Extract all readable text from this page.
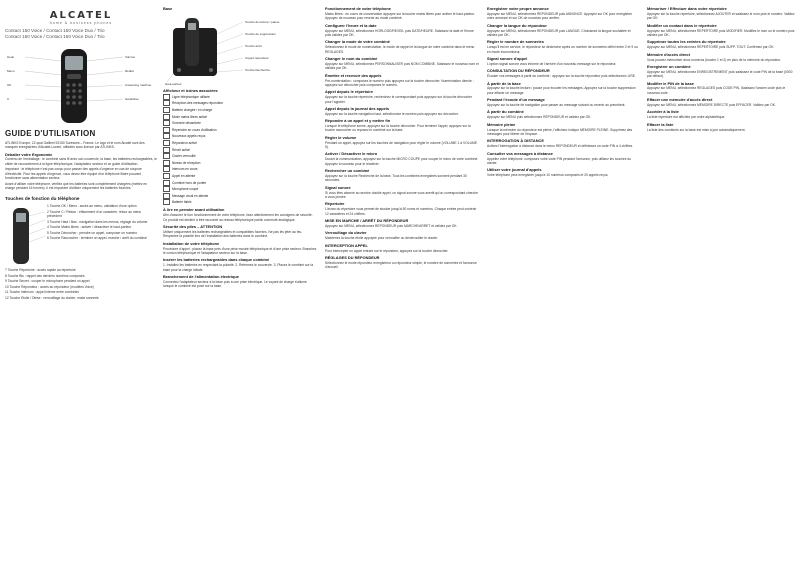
ALCATEL
home & business phones
Contact 150 Voice / Contact 150 Voice Duo / Trio
Contact 150 Voice / Contact 150 Voice Duo / Trio
Hook
Menu
OK
C
Volume
Redial
Answering machine
Handsfree
GUIDE D'UTILISATION

ATLINKS Europe, 22 quai Gallieni 92150 Suresnes – France. Le logo et le nom Alcatel sont des marques enregistrées d'Alcatel-Lucent, utilisées sous licence par ATLINKS.

Déballer votre Ergonomic

Contenu de l'emballage : le combiné sans fil avec son couvercle, la base, les batteries rechargeables, le câble de raccordement à la ligne téléphonique, l'adaptateur secteur et ce guide d'utilisation.

Important : le téléphone n'est pas conçu pour passer des appels d'urgence en cas de coupure d'électricité. Pour les appels d'urgence, vous devez être équipé d'un téléphone filaire pouvant fonctionner sans alimentation secteur.

Avant d'utiliser votre téléphone, vérifiez que les batteries sont complètement chargées (mettez en charge pendant 16 heures). Il est important d'utiliser uniquement les batteries fournies.

Touches de fonction du téléphone

1 Touche OK / Menu : accès au menu, validation d'une option

2 Touche C / Retour : effacement d'un caractère, retour au menu précédent

3 Touche Haut / Bas : navigation dans les menus, réglage du volume

4 Touche Mains libres : activer / désactiver le haut-parleur

5 Touche Décrocher : prendre un appel, composer un numéro

6 Touche Raccrocher : terminer un appel, marche / arrêt du combiné

7 Touche Répertoire : accès rapide au répertoire

8 Touche Bis : rappel des derniers numéros composés

9 Touche Secret : couper le microphone pendant un appel

10 Touche Répondeur : accès au répondeur (modèles Voice)

11 Touche Intercom : appel interne entre combinés

12 Touche Etoile / Dièse : verrouillage du clavier, mode sonnerie

Base
Touche de lecture / pause
Touche de suppression
Touche arrêt
Voyant répondeur
Touche Recherche
Haut-parleur
Afficheur et icônes associées
Ligne téléphonique utilisée
Réception des messages répondeur
Batterie chargée / en charge
Mode mains libres activé
Sonnerie désactivée
Répertoire en cours d'utilisation
Nouveaux appels reçus
Répondeur activé
Réveil activé
Clavier verrouillé
Niveau de réception
Intercom en cours
Appel en attente
Combiné hors de portée
Microphone coupé
Message vocal en attente
Batterie faible
À lire en premier avant utilisation

Afin d'assurer le bon fonctionnement de votre téléphone, lisez attentivement les consignes de sécurité. Ce produit est destiné à être raccordé au réseau téléphonique public commuté analogique.

Sécurité des piles – ATTENTION

Utiliser uniquement les batteries rechargeables et compatibles fournies. Ne pas les jeter au feu. Respectez la polarité lors de l'installation des batteries dans le combiné.

Installation de votre téléphone

Procédure d'appel : placez la base près d'une prise murale téléphonique et d'une prise secteur. Branchez le cordon téléphonique et l'adaptateur secteur sur la base.

Insérer les batteries rechargeables dans chaque combiné

1. Installez les batteries en respectant la polarité. 2. Refermez le couvercle. 3. Placez le combiné sur la base pour la charge initiale.

Branchement de l'alimentation électrique

Connectez l'adaptateur secteur à la base puis à une prise électrique. Le voyant de charge s'allume lorsque le combiné est posé sur la base.

Fonctionnement de votre téléphone

Mains libres : en cours de conversation appuyez sur la touche mains libres pour activer le haut-parleur. Appuyez de nouveau pour revenir au mode combiné.

Configurer l'heure et la date

Appuyez sur MENU, sélectionnez HORLOGE/REVEIL puis DATE/HEURE. Saisissez la date et l'heure puis validez par OK.

Changer la mode de votre combiné

Sélectionnez le mode de numérotation, le mode de rappel et la langue de votre combiné dans le menu REGLAGES.

Changer le nom du combiné

Appuyez sur MENU, sélectionnez PERSONNALISER puis NOM COMBINE. Saisissez le nouveau nom et validez par OK.

Émettre et recevoir des appels

Pré-numérotation : composez le numéro puis appuyez sur la touche décrocher. Numérotation directe : appuyez sur décrocher puis composez le numéro.

Appel depuis le répertoire

Appuyez sur la touche répertoire, recherchez le correspondant puis appuyez sur la touche décrocher pour l'appeler.

Appel depuis la journal des appels

Appuyez sur la touche navigation haut, sélectionnez le numéro puis appuyez sur décrocher.

Répondre à un appel et y mettre fin

Lorsque le téléphone sonne, appuyez sur la touche décrocher. Pour terminer l'appel, appuyez sur la touche raccrocher ou reposez le combiné sur la base.

Régler le volume

Pendant un appel, appuyez sur les touches de navigation pour régler le volume (VOLUME 1 à VOLUME 5).

Activer / Désactiver le micro

Durant la communication, appuyez sur la touche MICRO COUPE pour couper le micro de votre combiné. Appuyez à nouveau pour le réactiver.

Rechercher un combiné

Appuyez sur la touche Recherche de la base. Tous les combinés enregistrés sonnent pendant 30 secondes.

Signal sonore

Si vous êtes abonné au service double appel, un signal sonore vous avertit qu'un correspondant cherche à vous joindre.

Répertoire

L'écran du répertoire vous permet de stocker jusqu'à 50 noms et numéros. Chaque entrée peut contenir 12 caractères et 24 chiffres.

MISE EN MARCHE / ARRÊT DU RÉPONDEUR

Appuyez sur MENU, sélectionnez REPONDEUR puis MARCHE/ARRET et validez par OK.

Verrouillage du clavier

Maintenez la touche étoile appuyée pour verrouiller ou déverrouiller le clavier.

INTERCEPTION APPEL

Pour intercepter un appel entrant sur le répondeur, appuyez sur la touche décrocher.

RÉGLAGES DU RÉPONDEUR

Sélectionnez le mode répondeur enregistreur ou répondeur simple, le nombre de sonneries et l'annonce d'accueil.

Enregistrer votre propre annonce

Appuyez sur MENU, sélectionnez REPONDEUR puis ANNONCE. Appuyez sur OK pour enregistrer votre annonce et sur OK de nouveau pour arrêter.

Changer la langue du répondeur

Appuyez sur MENU, sélectionnez REPONDEUR puis LANGUE. Choisissez la langue souhaitée et validez par OK.

Régler le nombre de sonneries

Lorsqu'il est en service, le répondeur se déclenche après un nombre de sonneries défini entre 2 et 9 ou en mode économiseur.

Signal sonore d'appel

L'option signal sonore vous informe de l'arrivée d'un nouveau message sur le répondeur.

CONSULTATION DU RÉPONDEUR

Écouter vos messages à partir du combiné : appuyez sur la touche répondeur puis sélectionnez LIRE.

À partir de la base

Appuyez sur la touche lecture / pause pour écouter les messages. Appuyez sur la touche suppression pour effacer un message.

Pendant l'écoute d'un message

Appuyez sur la touche de navigation pour passer au message suivant ou revenir au précédent.

À partir du combiné

Appuyez sur MENU puis sélectionnez REPONDEUR et validez par OK.

Mémoire pleine

Lorsque la mémoire du répondeur est pleine, l'afficheur indique MEMOIRE PLEINE. Supprimez des messages pour libérer de l'espace.

INTERROGATION À DISTANCE

Activez l'interrogation à distance dans le menu REPONDEUR et définissez un code PIN à 4 chiffres.

Consulter vos messages à distance

Appelez votre téléphone, composez votre code PIN pendant l'annonce, puis utilisez les touches du clavier.

Utiliser votre journal d'appels

Votre téléphone peut enregistrer jusqu'à 10 numéros composés et 20 appels reçus.

Mémoriser / Effectuer dans votre répertoire

Appuyez sur la touche répertoire, sélectionnez AJOUTER et saisissez le nom puis le numéro. Validez par OK.

Modifier un contact dans le répertoire

Appuyez sur MENU, sélectionnez REPERTOIRE puis MODIFIER. Modifiez le nom ou le numéro puis validez par OK.

Supprimer toutes les entrées du répertoire

Appuyez sur MENU, sélectionnez REPERTOIRE puis SUPP. TOUT. Confirmez par OK.

Mémoire d'accès direct

Vous pouvez mémoriser deux numéros (touche 1 et 2) en plus de la mémoire du répondeur.

Enregistrer un combiné

Appuyez sur MENU, sélectionnez ENREGISTREMENT puis saisissez le code PIN de la base (0000 par défaut).

Modifier le PIN de la base

Appuyez sur MENU, sélectionnez REGLAGES puis CODE PIN. Saisissez l'ancien code puis le nouveau code.

Effacer une mémoire d'accès direct

Appuyez sur MENU, sélectionnez MEMOIRE DIRECTE puis EFFACER. Validez par OK.

Accéder à la liste

La liste répertoire est affichée par ordre alphabétique.

Effacer la liste

La liste des combinés sur la base est mise à jour automatiquement.
